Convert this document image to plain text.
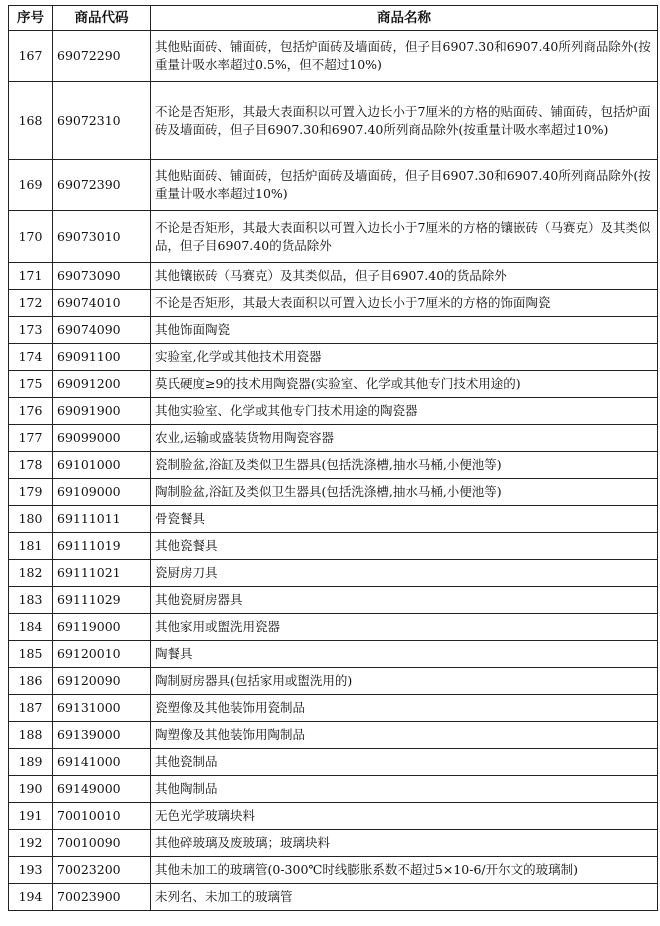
序号	商品代码	商品名称
167	69072290	其他贴面砖、铺面砖，包括炉面砖及墙面砖，但子目6907.30和6907.40所列商品除外(按重量计吸水率超过0.5%，但不超过10%)
168	69072310	不论是否矩形，其最大表面积以可置入边长小于7厘米的方格的贴面砖、铺面砖，包括炉面砖及墙面砖，但子目6907.30和6907.40所列商品除外(按重量计吸水率超过10%)
169	69072390	其他贴面砖、铺面砖，包括炉面砖及墙面砖，但子目6907.30和6907.40所列商品除外(按重量计吸水率超过10%)
170	69073010	不论是否矩形，其最大表面积以可置入边长小于7厘米的方格的镶嵌砖（马赛克）及其类似品，但子目6907.40的货品除外
171	69073090	其他镶嵌砖（马赛克）及其类似品，但子目6907.40的货品除外
172	69074010	不论是否矩形，其最大表面积以可置入边长小于7厘米的方格的饰面陶瓷
173	69074090	其他饰面陶瓷
174	69091100	实验室,化学或其他技术用瓷器
175	69091200	莫氏硬度≥9的技术用陶瓷器(实验室、化学或其他专门技术用途的)
176	69091900	其他实验室、化学或其他专门技术用途的陶瓷器
177	69099000	农业,运输或盛装货物用陶瓷容器
178	69101000	瓷制脸盆,浴缸及类似卫生器具(包括洗涤槽,抽水马桶,小便池等)
179	69109000	陶制脸盆,浴缸及类似卫生器具(包括洗涤槽,抽水马桶,小便池等)
180	69111011	骨瓷餐具
181	69111019	其他瓷餐具
182	69111021	瓷厨房刀具
183	69111029	其他瓷厨房器具
184	69119000	其他家用或盥洗用瓷器
185	69120010	陶餐具
186	69120090	陶制厨房器具(包括家用或盥洗用的)
187	69131000	瓷塑像及其他装饰用瓷制品
188	69139000	陶塑像及其他装饰用陶制品
189	69141000	其他瓷制品
190	69149000	其他陶制品
191	70010010	无色光学玻璃块料
192	70010090	其他碎玻璃及废玻璃；玻璃块料
193	70023200	其他未加工的玻璃管(0-300℃时线膨胀系数不超过5×10-6/开尔文的玻璃制)
194	70023900	未列名、未加工的玻璃管
